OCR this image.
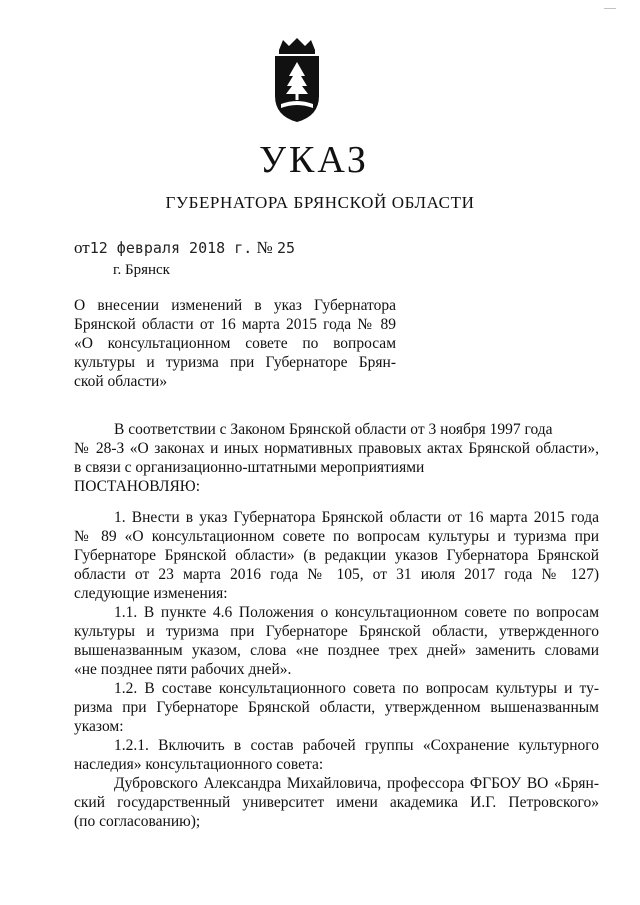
—
УКАЗ
ГУБЕРНАТОРА БРЯНСКОЙ ОБЛАСТИ
от12 февраля 2018 г. № 25
г. Брянск
О внесении изменений в указ Губернатора
Брянской области от 16 марта 2015 года № 89
«О консультационном совете по вопросам
культуры и туризма при Губернаторе Брян-
ской области»

В соответствии с Законом Брянской области от 3 ноября 1997 года
№ 28-З «О законах и иных нормативных правовых актах Брянской области»,
в связи с организационно-штатными мероприятиями
ПОСТАНОВЛЯЮ:

1. Внести в указ Губернатора Брянской области от 16 марта 2015 года
№ 89 «О консультационном совете по вопросам культуры и туризма при
Губернаторе Брянской области» (в редакции указов Губернатора Брянской
области от 23 марта 2016 года № 105, от 31 июля 2017 года № 127)
следующие изменения:

1.1. В пункте 4.6 Положения о консультационном совете по вопросам
культуры и туризма при Губернаторе Брянской области, утвержденного
вышеназванным указом, слова «не позднее трех дней» заменить словами
«не позднее пяти рабочих дней».

1.2. В составе консультационного совета по вопросам культуры и ту-
ризма при Губернаторе Брянской области, утвержденном вышеназванным
указом:

1.2.1. Включить в состав рабочей группы «Сохранение культурного
наследия» консультационного совета:

Дубровского Александра Михайловича, профессора ФГБОУ ВО «Брян-
ский государственный университет имени академика И.Г. Петровского»
(по согласованию);
